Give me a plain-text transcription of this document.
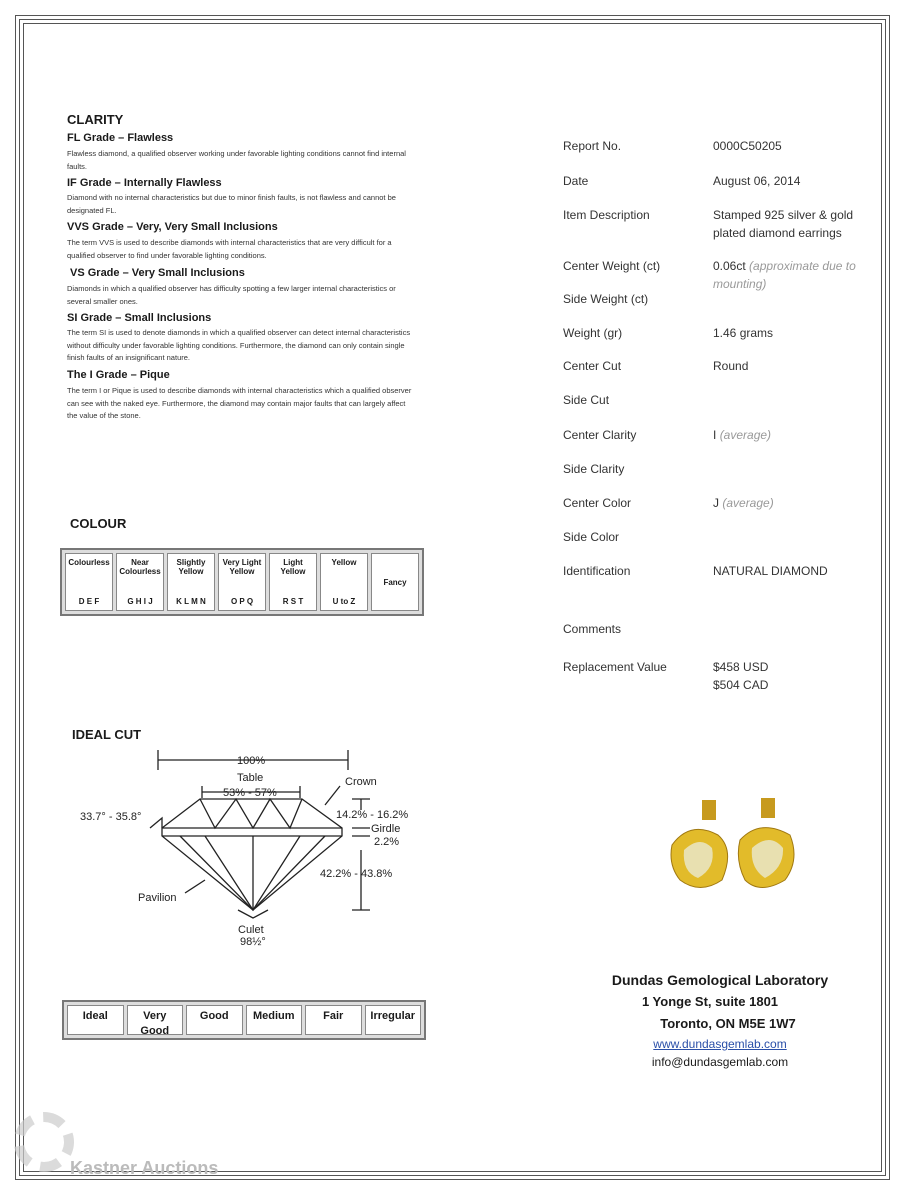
CLARITY
FL Grade – Flawless
Flawless diamond, a qualified observer working under favorable lighting conditions cannot find internal faults.
IF Grade – Internally Flawless
Diamond with no internal characteristics but due to minor finish faults, is not flawless and cannot be designated FL.
VVS Grade – Very, Very Small Inclusions
The term VVS is used to describe diamonds with internal characteristics that are very difficult for a qualified observer to find under favorable lighting conditions.
VS Grade – Very Small Inclusions
Diamonds in which a qualified observer has difficulty spotting a few larger internal characteristics or several smaller ones.
SI Grade – Small Inclusions
The term SI is used to denote diamonds in which a qualified observer can detect internal characteristics without difficulty under favorable lighting conditions. Furthermore, the diamond can only contain single finish faults of an insignificant nature.
The I Grade – Pique
The term I or Pique is used to describe diamonds with internal characteristics which a qualified observer can see with the naked eye. Furthermore, the diamond may contain major faults that can largely affect the value of the stone.
COLOUR
Colourless
D E F
Near Colourless
G H I J
Slightly Yellow
K L M N
Very Light Yellow
O P Q
Light Yellow
R S T
Yellow
U to Z
Fancy
IDEAL CUT
100%
Table
53% - 57%
Crown
33.7° - 35.8°	14.2% - 16.2%
Girdle
2.2%
42.2% - 43.8%
Pavilion
Culet
98½°
Ideal	Very Good
Good	Medium	Fair	Irregular
Report No.	0000C50205
Date	August 06, 2014
Item Description	Stamped 925 silver & gold plated diamond earrings
Center Weight (ct)	0.06ct (approximate due to mounting)
Side Weight (ct)
Weight (gr)	1.46 grams
Center Cut	Round
Side Cut
Center Clarity	I (average)
Side Clarity
Center Color	J (average)
Side Color
Identification	NATURAL DIAMOND
Comments
Replacement Value	$458 USD
$504 CAD
Dundas Gemological Laboratory
1 Yonge St, suite 1801
Toronto, ON M5E 1W7
www.dundasgemlab.com
info@dundasgemlab.com
Kastner Auctions
